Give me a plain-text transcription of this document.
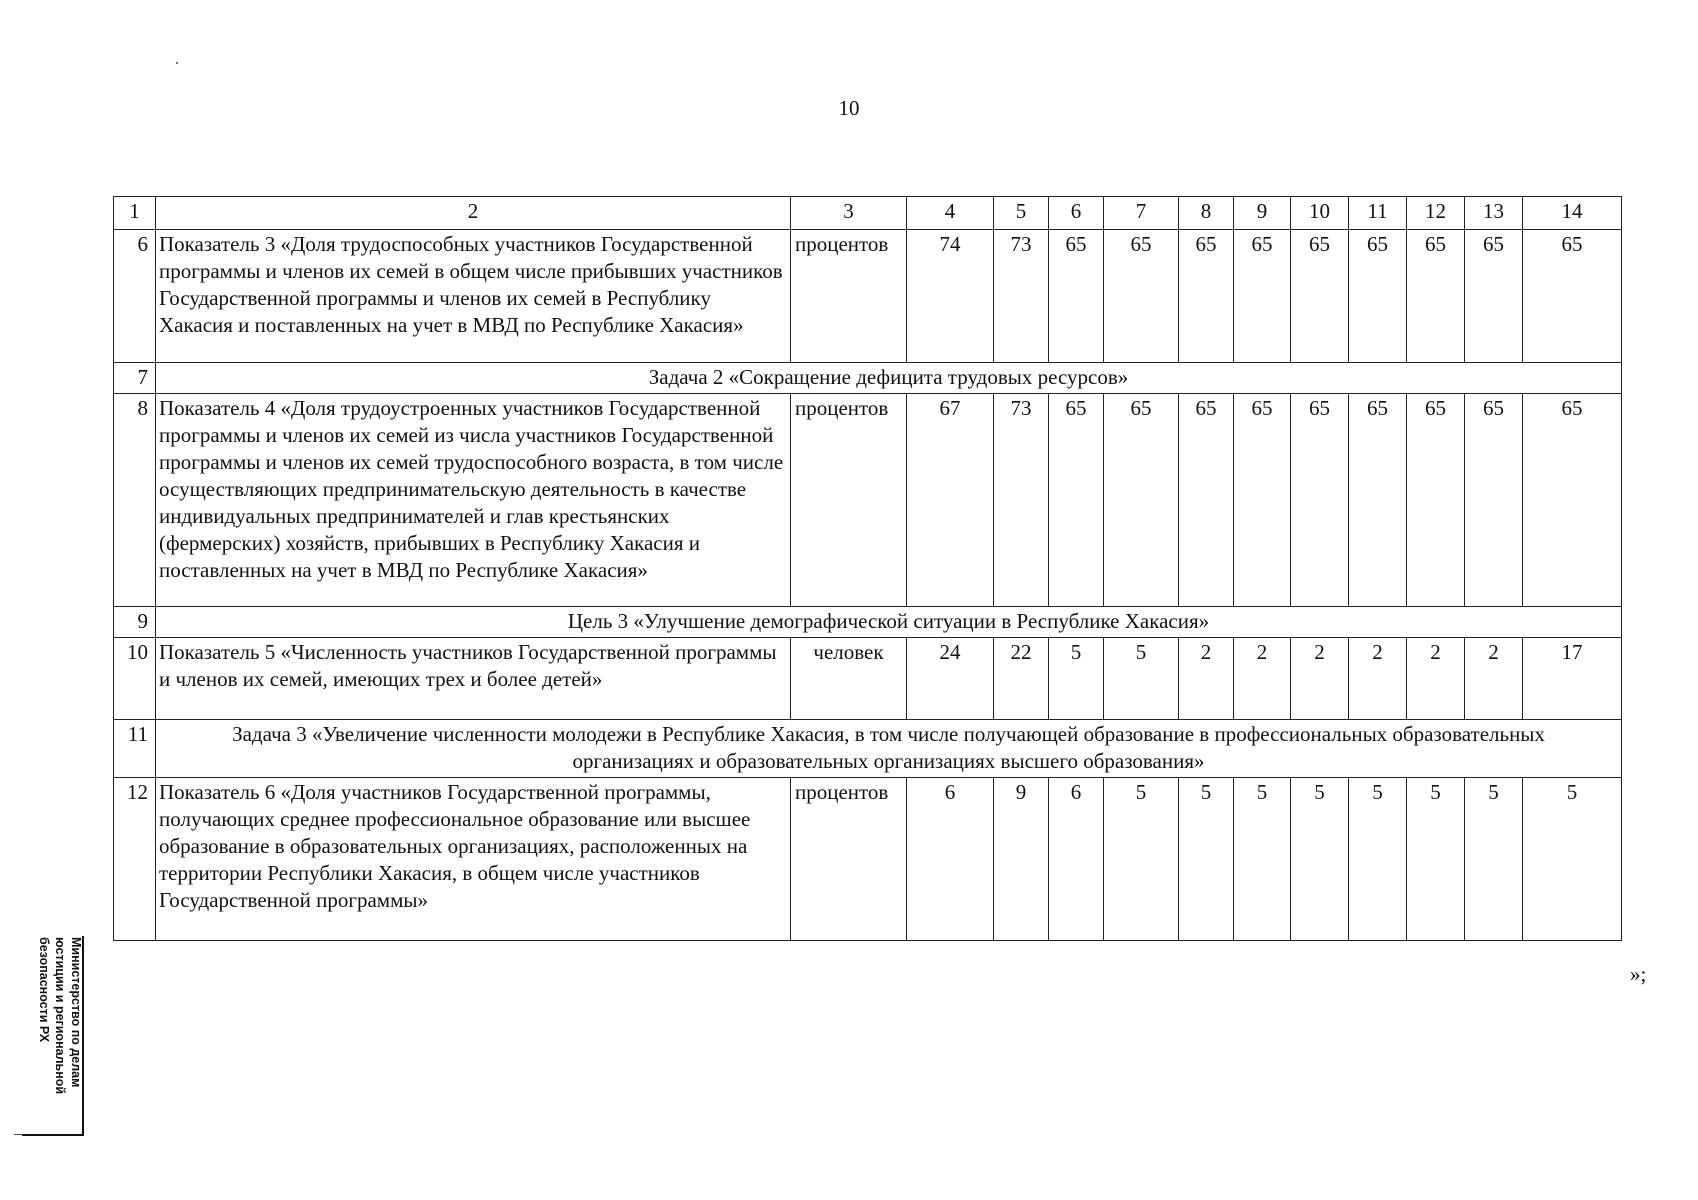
10
1	2	3	4	5	6	7	8	9	10	11	12	13	14
6	Показатель 3 «Доля трудоспособных участников Государственной программы и членов их семей в общем числе прибывших участников Государственной программы и членов их семей в Республику Хакасия и поставленных на учет в МВД по Республике Хакасия»	процентов	74	73	65	65	65	65	65	65	65	65	65
7	Задача 2 «Сокращение дефицита трудовых ресурсов»												
8	Показатель 4 «Доля трудоустроенных участников Государственной программы и членов их семей из числа участников Государственной программы и членов их семей трудоспособного возраста, в том числе осуществляющих предпринимательскую деятельность в качестве индивидуальных предпринимателей и глав крестьянских (фермерских) хозяйств, прибывших в Республику Хакасия и поставленных на учет в МВД по Республике Хакасия»	процентов	67	73	65	65	65	65	65	65	65	65	65
9	Цель 3 «Улучшение демографической ситуации в Республике Хакасия»												
10	Показатель 5 «Численность участников Государственной программы и членов их семей, имеющих трех и более детей»	человек	24	22	5	5	2	2	2	2	2	2	17
11	Задача 3 «Увеличение численности молодежи в Республике Хакасия, в том числе получающей образование в профессиональных образовательных организациях и образовательных организациях высшего образования»												
12	Показатель 6 «Доля участников Государственной программы, получающих среднее профессиональное образование или высшее образование в образовательных организациях, расположенных на территории Республики Хакасия, в общем числе участников Государственной программы»	процентов	6	9	6	5	5	5	5	5	5	5	5
»;
Министерство по делам
юстиции и региональной
безопасности РХ
